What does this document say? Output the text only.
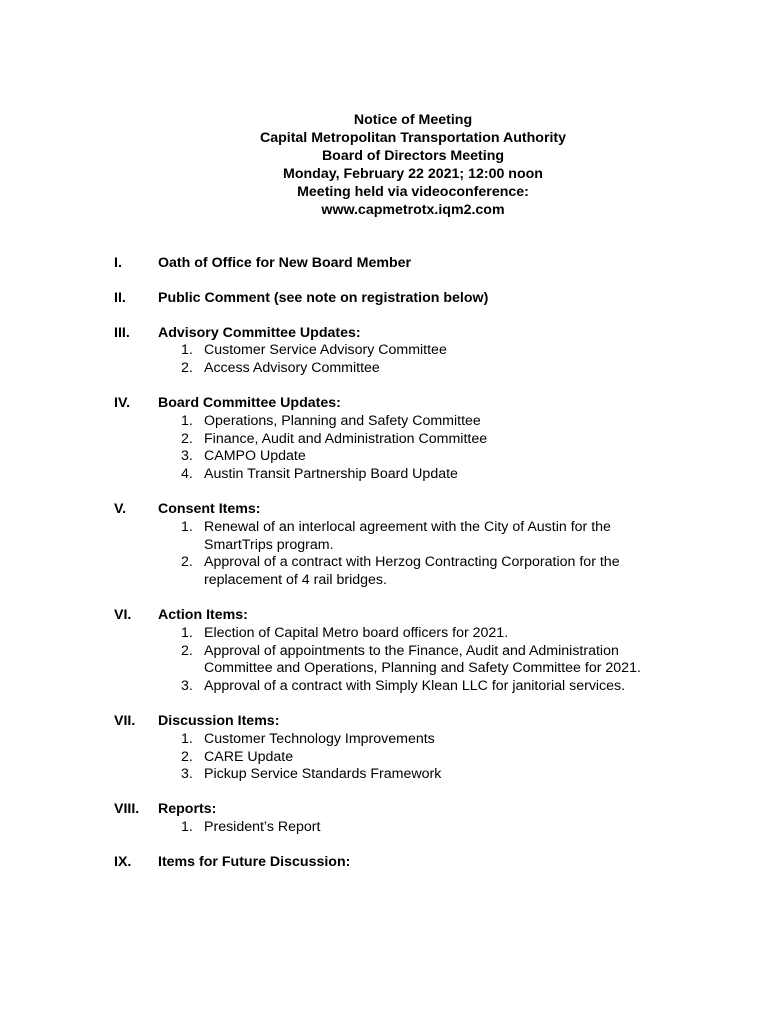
Notice of Meeting
Capital Metropolitan Transportation Authority
Board of Directors Meeting
Monday, February 22 2021; 12:00 noon
Meeting held via videoconference:
www.capmetrotx.iqm2.com
I.	Oath of Office for New Board Member
II. Public Comment (see note on registration below)
III. Advisory Committee Updates:
1. Customer Service Advisory Committee
2. Access Advisory Committee
IV. Board Committee Updates:
1. Operations, Planning and Safety Committee
2. Finance, Audit and Administration Committee
3. CAMPO Update
4. Austin Transit Partnership Board Update
V. Consent Items:
1. Renewal of an interlocal agreement with the City of Austin for the SmartTrips program.
2. Approval of a contract with Herzog Contracting Corporation for the replacement of 4 rail bridges.
VI. Action Items:
1. Election of Capital Metro board officers for 2021.
2. Approval of appointments to the Finance, Audit and Administration Committee and Operations, Planning and Safety Committee for 2021.
3. Approval of a contract with Simply Klean LLC for janitorial services.
VII. Discussion Items:
1. Customer Technology Improvements
2. CARE Update
3. Pickup Service Standards Framework
VIII. Reports:
1. President’s Report
IX. Items for Future Discussion:
